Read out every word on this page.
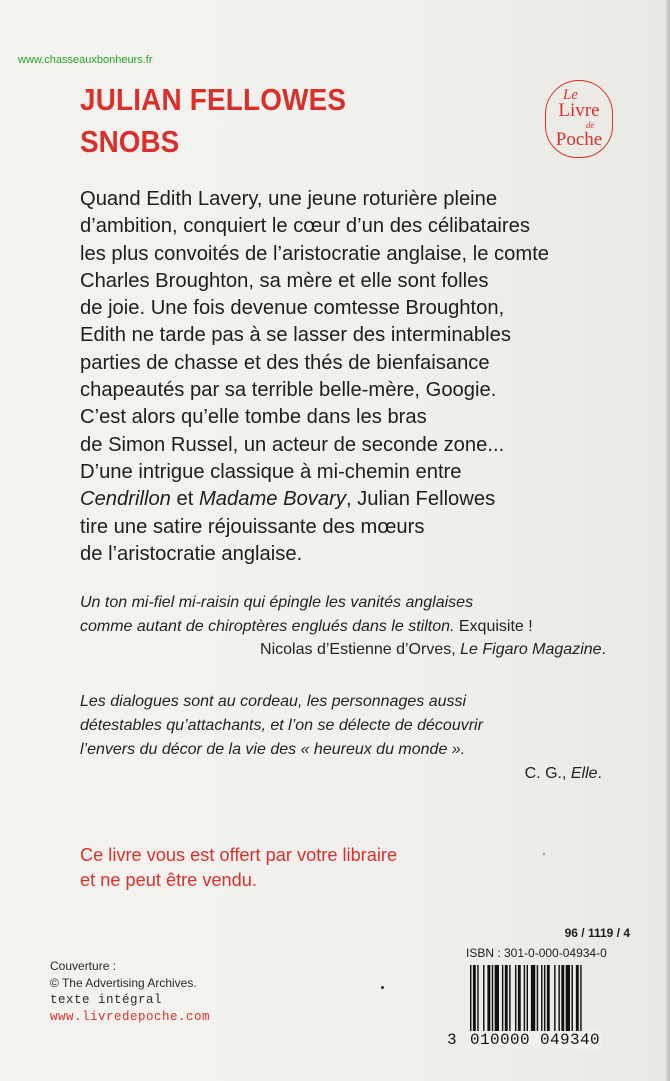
www.chasseauxbonheurs.fr
JULIAN FELLOWES
SNOBS
Le
Livre
de
Poche

Quand Edith Lavery, une jeune roturière pleine

d’ambition, conquiert le cœur d’un des célibataires

les plus convoités de l’aristocratie anglaise, le comte

Charles Broughton, sa mère et elle sont folles

de joie. Une fois devenue comtesse Broughton,

Edith ne tarde pas à se lasser des interminables

parties de chasse et des thés de bienfaisance

chapeautés par sa terrible belle-mère, Googie.

C’est alors qu’elle tombe dans les bras

de Simon Russel, un acteur de seconde zone...

D’une intrigue classique à mi-chemin entre

Cendrillon et Madame Bovary, Julian Fellowes

tire une satire réjouissante des mœurs

de l’aristocratie anglaise.

Un ton mi-fiel mi-raisin qui épingle les vanités anglaises

comme autant de chiroptères englués dans le stilton. Exquisite !

Nicolas d’Estienne d’Orves, Le Figaro Magazine.

Les dialogues sont au cordeau, les personnages aussi

détestables qu’attachants, et l’on se délecte de découvrir

l’envers du décor de la vie des « heureux du monde ».

C. G., Elle.

Ce livre vous est offert par votre libraire

et ne peut être vendu.

Couverture :

© The Advertising Archives.

texte intégral

www.livredepoche.com

96 / 1119 / 4
ISBN : 301-0-000-04934-0
3 010000 049340
